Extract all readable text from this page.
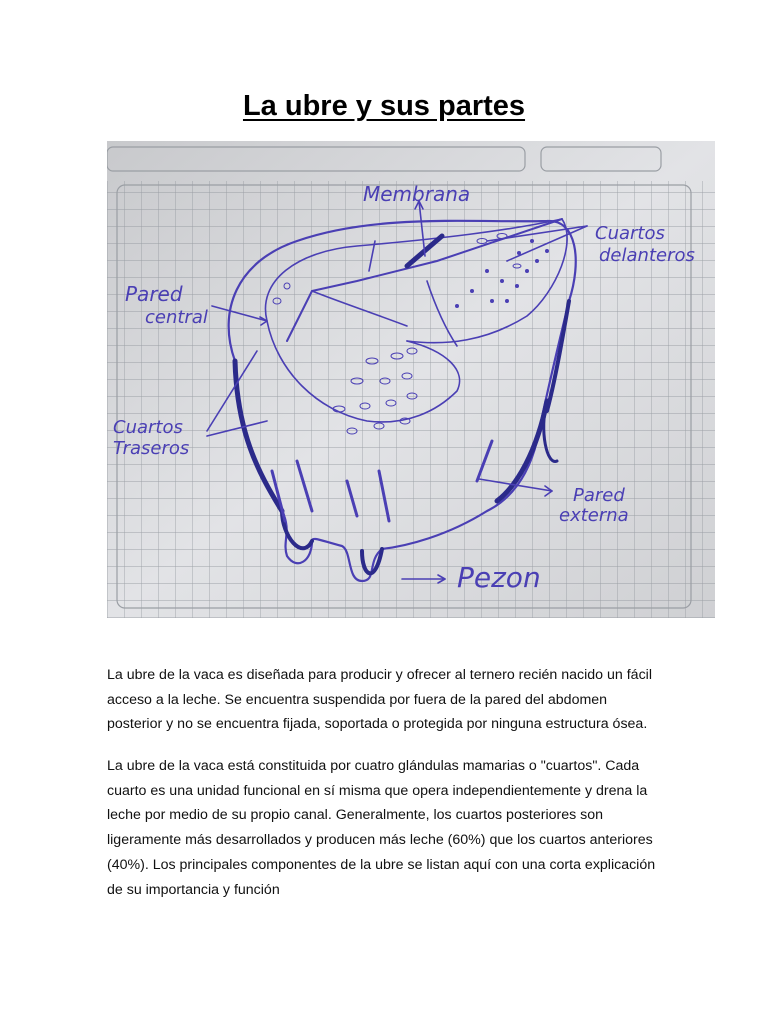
La ubre y sus partes
Membrana
Cuartos
delanteros
Pared
central
Cuartos
Traseros
Pared
externa
Pezon

La ubre de la vaca es diseñada para producir y ofrecer al ternero recién nacido un fácil acceso a la leche. Se encuentra suspendida por fuera de la pared del abdomen posterior y no se encuentra fijada, soportada o protegida por ninguna estructura ósea.

La ubre de la vaca está constituida por cuatro glándulas mamarias o "cuartos". Cada cuarto es una unidad funcional en sí misma que opera independientemente y drena la leche por medio de su propio canal. Generalmente, los cuartos posteriores son ligeramente más desarrollados y producen más leche (60%) que los cuartos anteriores (40%). Los principales componentes de la ubre se listan aquí con una corta explicación de su importancia y función
